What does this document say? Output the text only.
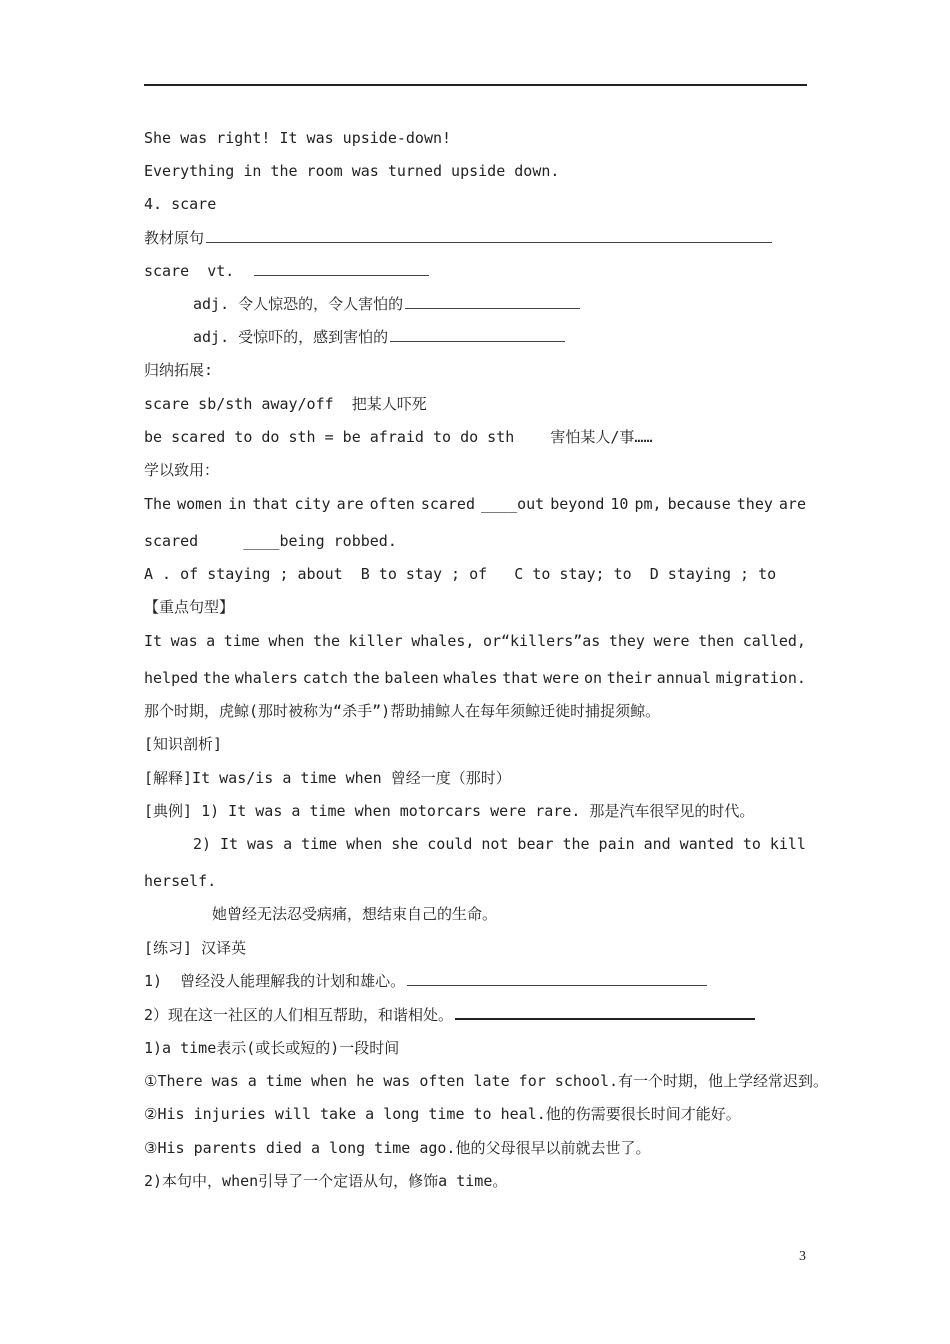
She was right! It was upside-down!
Everything in the room was turned upside down.
4. scare
教材原句
scare  vt.
adj. 令人惊恐的，令人害怕的
adj. 受惊吓的，感到害怕的
归纳拓展:
scare sb/sth away/off  把某人吓死
be scared to do sth = be afraid to do sth    害怕某人/事……
学以致用：
The women in that city are often scared ____out beyond 10 pm, because they are
scared     ____being robbed.
A . of staying ; about  B to stay ; of   C to stay; to  D staying ; to
【重点句型】
It was a time when the killer whales, or“killers”as they were then called,
helped the whalers catch the baleen whales that were on their annual migration.
那个时期，虎鲸(那时被称为“杀手”)帮助捕鲸人在每年须鲸迁徙时捕捉须鲸。
[知识剖析]
[解释]It was/is a time when 曾经一度（那时）
[典例] 1) It was a time when motorcars were rare. 那是汽车很罕见的时代。
2) It was a time when she could not bear the pain and wanted to kill
herself.
她曾经无法忍受病痛，想结束自己的生命。
[练习] 汉译英
1)  曾经没人能理解我的计划和雄心。
2）现在这一社区的人们相互帮助，和谐相处。
1)a time表示(或长或短的)一段时间
①There was a time when he was often late for school.有一个时期，他上学经常迟到。
②His injuries will take a long time to heal.他的伤需要很长时间才能好。
③His parents died a long time ago.他的父母很早以前就去世了。
2)本句中，when引导了一个定语从句，修饰a time。
3
